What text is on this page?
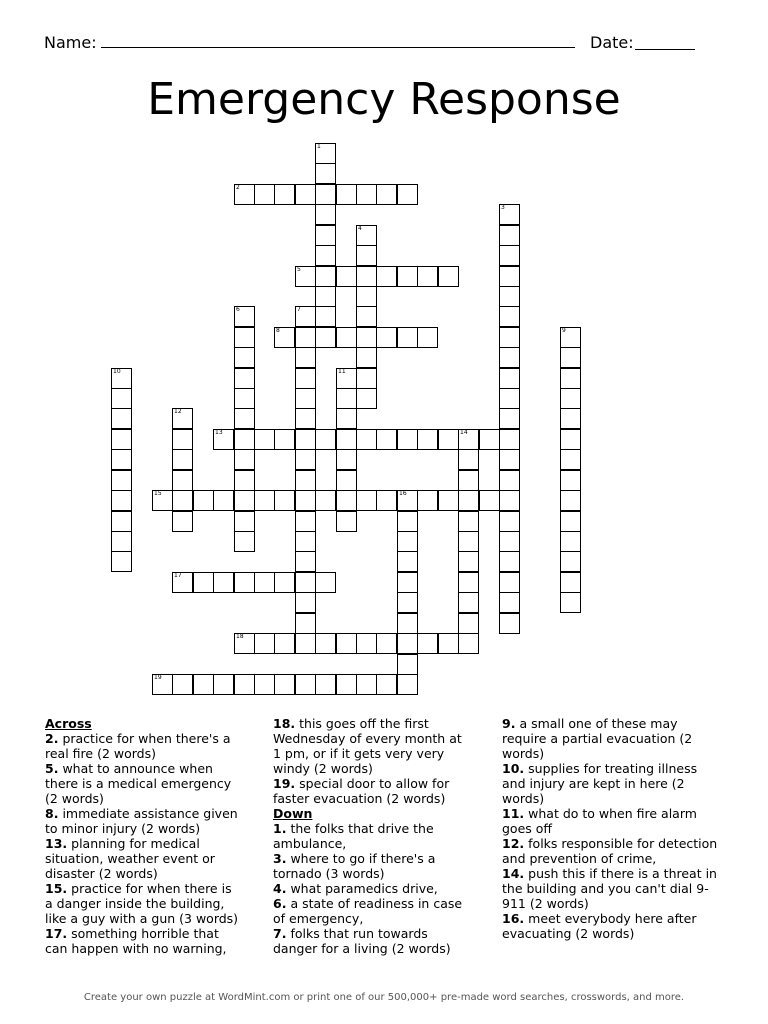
Name:	Date:
Emergency Response
1
2
3
4
5
6	7
8	9
10	11
12
13	14
15	16
17
18
19

Across

2. practice for when there's a real fire (2 words)
5. what to announce when there is a medical emergency (2 words)
8. immediate assistance given to minor injury (2 words)
13. planning for medical situation, weather event or disaster (2 words)
15. practice for when there is a danger inside the building, like a guy with a gun (3 words)
17. something horrible that can happen with no warning,
18. this goes off the first Wednesday of every month at 1 pm, or if it gets very very windy (2 words)
19. special door to allow for faster evacuation (2 words)

Down

1. the folks that drive the ambulance,
3. where to go if there's a tornado (3 words)
4. what paramedics drive,
6. a state of readiness in case of emergency,
7. folks that run towards danger for a living (2 words)
9. a small one of these may require a partial evacuation (2 words)
10. supplies for treating illness and injury are kept in here (2 words)
11. what do to when fire alarm goes off
12. folks responsible for detection and prevention of crime,
14. push this if there is a threat in the building and you can't dial 9-911 (2 words)
16. meet everybody here after evacuating (2 words)
Create your own puzzle at WordMint.com or print one of our 500,000+ pre-made word searches, crosswords, and more.
